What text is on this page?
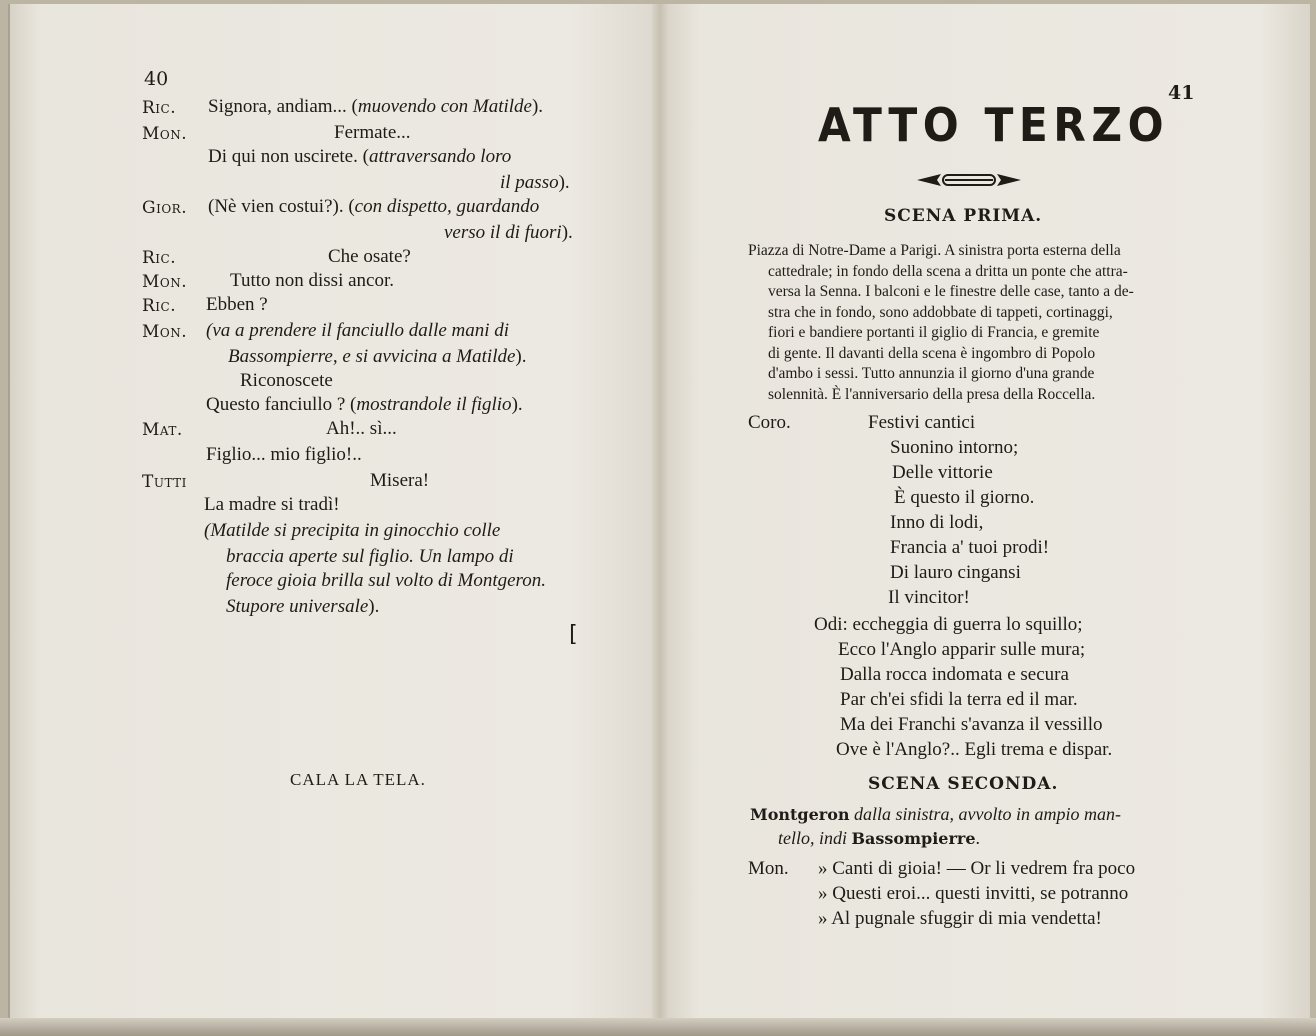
40
Ric. Signora, andiam... (muovendo con Matilde).
Mon.	Fermate...
Di qui non uscirete. (attraversando loro
il passo).
Gior. (Nè vien costui?). (con dispetto, guardando
verso il di fuori).
Ric.	Che osate?
Mon. Tutto non dissi ancor.
Ric. Ebben ?
Mon. (va a prendere il fanciullo dalle mani di
Bassompierre, e si avvicina a Matilde).
Riconoscete
Questo fanciullo ? (mostrandole il figlio).
Mat.	Ah!.. sì...
Figlio... mio figlio!..
Tutti	Misera!
La madre si tradì!
(Matilde si precipita in ginocchio colle
braccia aperte sul figlio. Un lampo di
feroce gioia brilla sul volto di Montgeron.
Stupore universale).
[
CALA LA TELA.
41
ATTO TERZO
SCENA PRIMA.
Piazza di Notre-Dame a Parigi. A sinistra porta esterna della
cattedrale; in fondo della scena a dritta un ponte che attra-
versa la Senna. I balconi e le finestre delle case, tanto a de-
stra che in fondo, sono addobbate di tappeti, cortinaggi,
fiori e bandiere portanti il giglio di Francia, e gremite
di gente. Il davanti della scena è ingombro di Popolo
d'ambo i sessi. Tutto annunzia il giorno d'una grande
solennità. È l'anniversario della presa della Roccella.
Coro.	Festivi cantici
Suonino intorno;
Delle vittorie
È questo il giorno.
Inno di lodi,
Francia a' tuoi prodi!
Di lauro cingansi
Il vincitor!
Odi: eccheggia di guerra lo squillo;
Ecco l'Anglo apparir sulle mura;
Dalla rocca indomata e secura
Par ch'ei sfidi la terra ed il mar.
Ma dei Franchi s'avanza il vessillo
Ove è l'Anglo?.. Egli trema e dispar.
SCENA SECONDA.
Montgeron dalla sinistra, avvolto in ampio man-
tello, indi Bassompierre.
Mon. » Canti di gioia! — Or li vedrem fra poco
» Questi eroi... questi invitti, se potranno
» Al pugnale sfuggir di mia vendetta!
